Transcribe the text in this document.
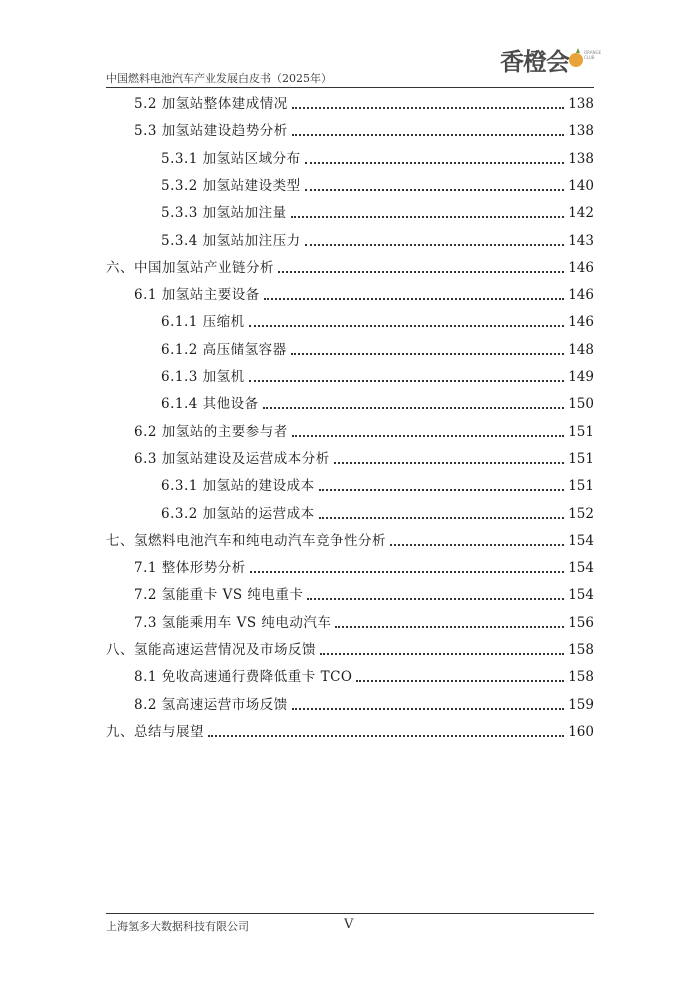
中国燃料电池汽车产业发展白皮书（2025年）
香橙会	ORANGE
CLUB
5.2 加氢站整体建成情况	138
5.3 加氢站建设趋势分析	138
5.3.1 加氢站区域分布	138
5.3.2 加氢站建设类型	140
5.3.3 加氢站加注量	142
5.3.4 加氢站加注压力	143
六、中国加氢站产业链分析	146
6.1 加氢站主要设备	146
6.1.1 压缩机	146
6.1.2 高压储氢容器	148
6.1.3 加氢机	149
6.1.4 其他设备	150
6.2 加氢站的主要参与者	151
6.3 加氢站建设及运营成本分析	151
6.3.1 加氢站的建设成本	151
6.3.2 加氢站的运营成本	152
七、氢燃料电池汽车和纯电动汽车竞争性分析	154
7.1 整体形势分析	154
7.2 氢能重卡 VS 纯电重卡	154
7.3 氢能乘用车 VS 纯电动汽车	156
八、氢能高速运营情况及市场反馈	158
8.1 免收高速通行费降低重卡 TCO	158
8.2 氢高速运营市场反馈	159
九、总结与展望	160
上海氢多大数据科技有限公司	V
